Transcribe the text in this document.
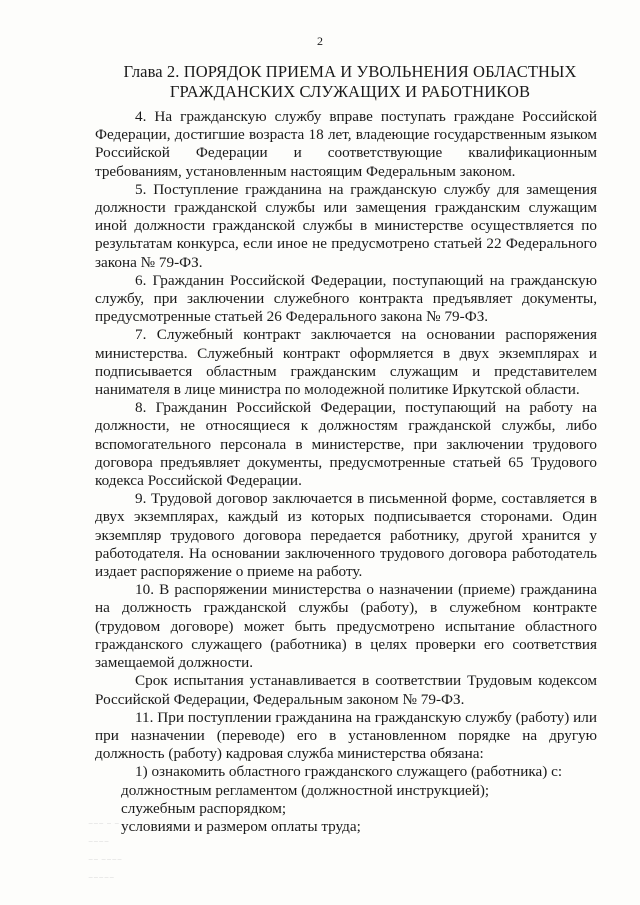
2
Глава 2. ПОРЯДОК ПРИЕМА И УВОЛЬНЕНИЯ ОБЛАСТНЫХ
ГРАЖДАНСКИХ СЛУЖАЩИХ И РАБОТНИКОВ

4. На гражданскую службу вправе поступать граждане Российской Федерации, достигшие возраста 18 лет, владеющие государственным языком Российской Федерации и соответствующие квалификационным требованиям, установленным настоящим Федеральным законом.

5. Поступление гражданина на гражданскую службу для замещения должности гражданской службы или замещения гражданским служащим иной должности гражданской службы в министерстве осуществляется по результатам конкурса, если иное не предусмотрено статьей 22 Федерального закона № 79-ФЗ.

6. Гражданин Российской Федерации, поступающий на гражданскую службу, при заключении служебного контракта предъявляет документы, предусмотренные статьей 26 Федерального закона № 79-ФЗ.

7. Служебный контракт заключается на основании распоряжения министерства. Служебный контракт оформляется в двух экземплярах и подписывается областным гражданским служащим и представителем нанимателя в лице министра по молодежной политике Иркутской области.

8. Гражданин Российской Федерации, поступающий на работу на должности, не относящиеся к должностям гражданской службы, либо вспомогательного персонала в министерстве, при заключении трудового договора предъявляет документы, предусмотренные статьей 65 Трудового кодекса Российской Федерации.

9. Трудовой договор заключается в письменной форме, составляется в двух экземплярах, каждый из которых подписывается сторонами. Один экземпляр трудового договора передается работнику, другой хранится у работодателя. На основании заключенного трудового договора работодатель издает распоряжение о приеме на работу.

10. В распоряжении министерства о назначении (приеме) гражданина на должность гражданской службы (работу), в служебном контракте (трудовом договоре) может быть предусмотрено испытание областного гражданского служащего (работника) в целях проверки его соответствия замещаемой должности.

Срок испытания устанавливается в соответствии Трудовым кодексом Российской Федерации, Федеральным законом № 79-ФЗ.

11. При поступлении гражданина на гражданскую службу (работу) или при назначении (переводе) его в установленном порядке на другую должность (работу) кадровая служба министерства обязана:

1) ознакомить областного гражданского служащего (работника) с:

должностным регламентом (должностной инструкцией);

служебным распорядком;

условиями и размером оплаты труда;

⁻⁻⁻ ⁻ ⁻
⁻⁻⁻⁻
⁻⁻ ⁻⁻⁻⁻
⁻⁻⁻⁻⁻
